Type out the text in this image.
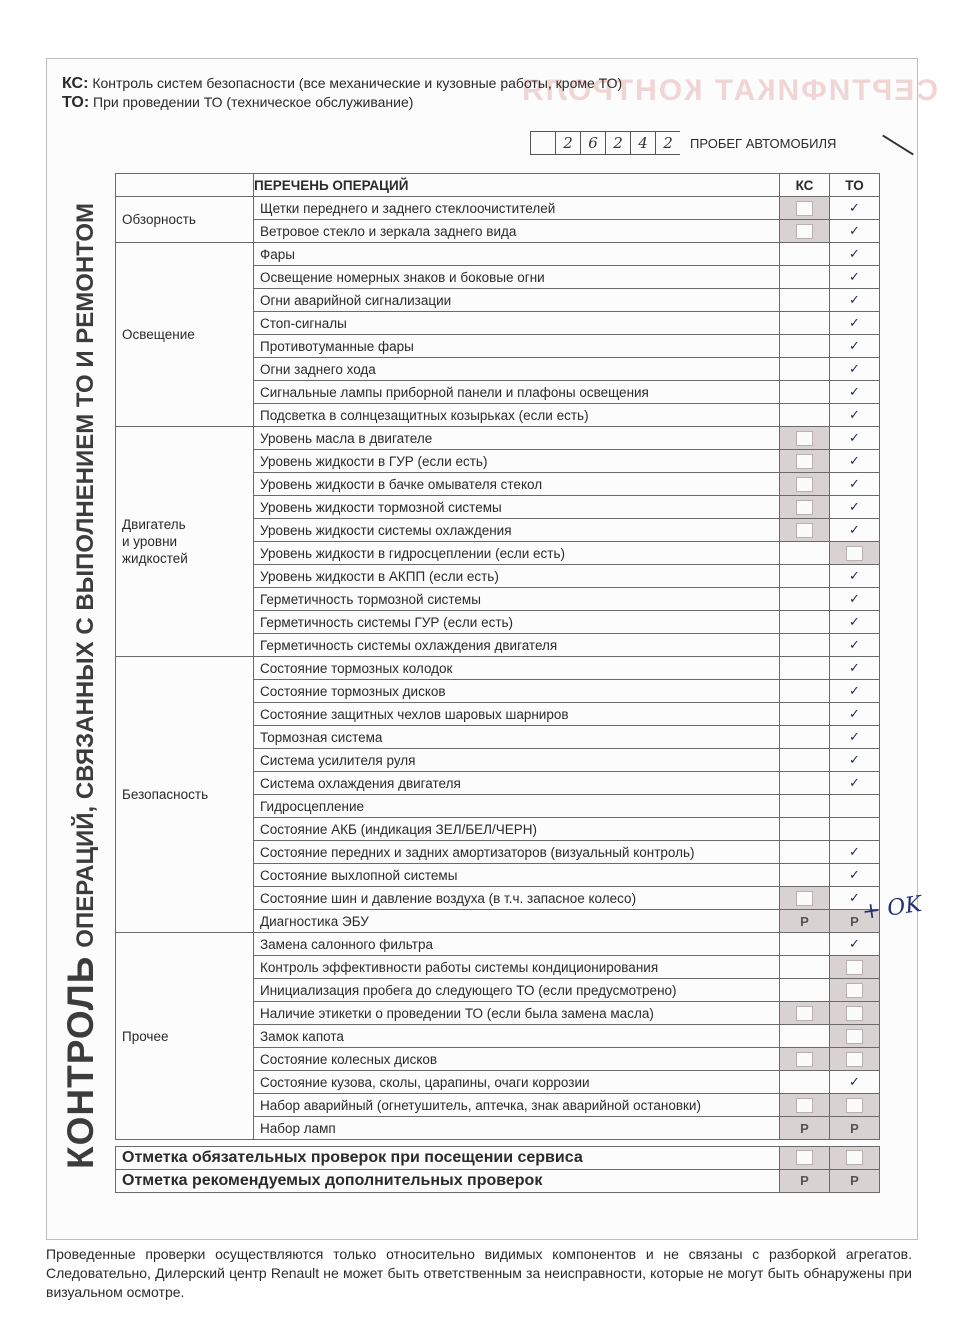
СЕРТИФИКАТ КОНТРОЛЯ
КС: Контроль систем безопасности (все механические и кузовные работы, кроме ТО)
ТО: При проведении ТО (техническое обслуживание)
2	6	2	4	2	ПРОБЕГ АВТОМОБИЛЯ
КОНТРОЛЬОПЕРАЦИЙ, СВЯЗАННЫХ С ВЫПОЛНЕНИЕМ ТО И РЕМОНТОМ
	ПЕРЕЧЕНЬ ОПЕРАЦИЙ	КС	ТО
Обзорность	Щетки переднего и заднего стеклоочистителей		✓
	Ветровое стекло и зеркала заднего вида		✓
Освещение	Фары		✓
	Освещение номерных знаков и боковые огни		✓
	Огни аварийной сигнализации		✓
	Стоп-сигналы		✓
	Противотуманные фары		✓
	Огни заднего хода		✓
	Сигнальные лампы приборной панели и плафоны освещения		✓
	Подсветка в солнцезащитных козырьках (если есть)		✓
Двигатель
и уровни
жидкостей	Уровень масла в двигателе		✓
	Уровень жидкости в ГУР (если есть)		✓
	Уровень жидкости в бачке омывателя стекол		✓
	Уровень жидкости тормозной системы		✓
	Уровень жидкости системы охлаждения		✓
	Уровень жидкости в гидросцеплении (если есть)		
	Уровень жидкости в АКПП (если есть)		✓
	Герметичность тормозной системы		✓
	Герметичность системы ГУР (если есть)		✓
	Герметичность системы охлаждения двигателя		✓
Безопасность	Состояние тормозных колодок		✓
	Состояние тормозных дисков		✓
	Состояние защитных чехлов шаровых шарниров		✓
	Тормозная система		✓
	Система усилителя руля		✓
	Система охлаждения двигателя		✓
	Гидросцепление		
	Состояние АКБ (индикация ЗЕЛ/БЕЛ/ЧЕРН)		
	Состояние передних и задних амортизаторов (визуальный контроль)		✓
	Состояние выхлопной системы		✓
	Состояние шин и давление воздуха (в т.ч. запасное колесо)		✓
	Диагностика ЭБУ	P	P
Прочее	Замена салонного фильтра		✓
	Контроль эффективности работы системы кондиционирования		
	Инициализация пробега до следующего ТО (если предусмотрено)		
	Наличие этикетки о проведении ТО (если была замена масла)		
	Замок капота		
	Состояние колесных дисков		
	Состояние кузова, сколы, царапины, очаги коррозии		✓
	Набор аварийный (огнетушитель, аптечка, знак аварийной остановки)		
	Набор ламп	P	P
+ OK
Отметка обязательных проверок при посещении сервиса		
Отметка рекомендуемых дополнительных проверок	P	P
Проведенные проверки осуществляются только относительно видимых компонентов и не связаны с разборкой агрегатов. Следовательно, Дилерский центр Renault не может быть ответственным за неисправности, которые не могут быть обнаружены при визуальном осмотре.
